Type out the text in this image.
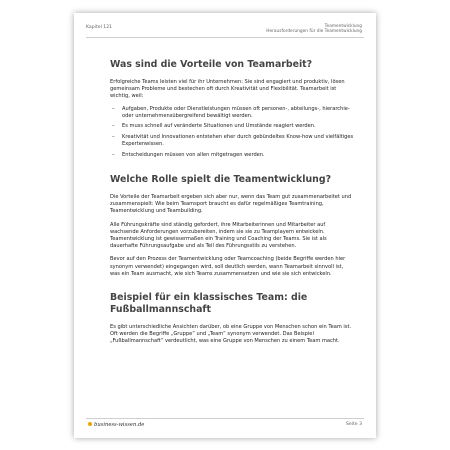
Kapitel 121	Teamentwicklung
Herausforderungen für die Teamentwicklung
Was sind die Vorteile von Teamarbeit?

Erfolgreiche Teams leisten viel für ihr Unternehmen: Sie sind engagiert und produktiv, lösen gemeinsam Probleme und bestechen oft durch Kreativität und Flexibilität. Teamarbeit ist wichtig, weil:

– Aufgaben, Produkte oder Dienstleistungen müssen oft personen-, abteilungs-, hierarchie- oder unternehmensübergreifend bewältigt werden.
– Es muss schnell auf veränderte Situationen und Umstände reagiert werden.
– Kreativität und Innovationen entstehen eher durch gebündeltes Know-how und vielfältiges Expertenwissen.
– Entscheidungen müssen von allen mitgetragen werden.
Welche Rolle spielt die Teamentwicklung?

Die Vorteile der Teamarbeit ergeben sich aber nur, wenn das Team gut zusammenarbeitet und zusammenspielt: Wie beim Teamsport braucht es dafür regelmäßiges Teamtraining, Teamentwicklung und Teambuilding.

Alle Führungskräfte sind ständig gefordert, ihre Mitarbeiterinnen und Mitarbeiter auf wachsende Anforderungen vorzubereiten, indem sie sie zu Teamplayern entwickeln. Teamentwicklung ist gewissermaßen ein Training und Coaching der Teams. Sie ist als dauerhafte Führungsaufgabe und als Teil des Führungsstils zu verstehen.

Bevor auf den Prozess der Teamentwicklung oder Teamcoaching (beide Begriffe werden hier synonym verwendet) eingegangen wird, soll deutlich werden, wann Teamarbeit sinnvoll ist, was ein Team ausmacht, wie sich Teams zusammensetzen und wie sie sich entwickeln.

Beispiel für ein klassisches Team: die Fußballmannschaft

Es gibt unterschiedliche Ansichten darüber, ob eine Gruppe von Menschen schon ein Team ist. Oft werden die Begriffe „Gruppe“ und „Team“ synonym verwendet. Das Beispiel „Fußballmannschaft“ verdeutlicht, was eine Gruppe von Menschen zu einem Team macht.

business-wissen.de	Seite 3
